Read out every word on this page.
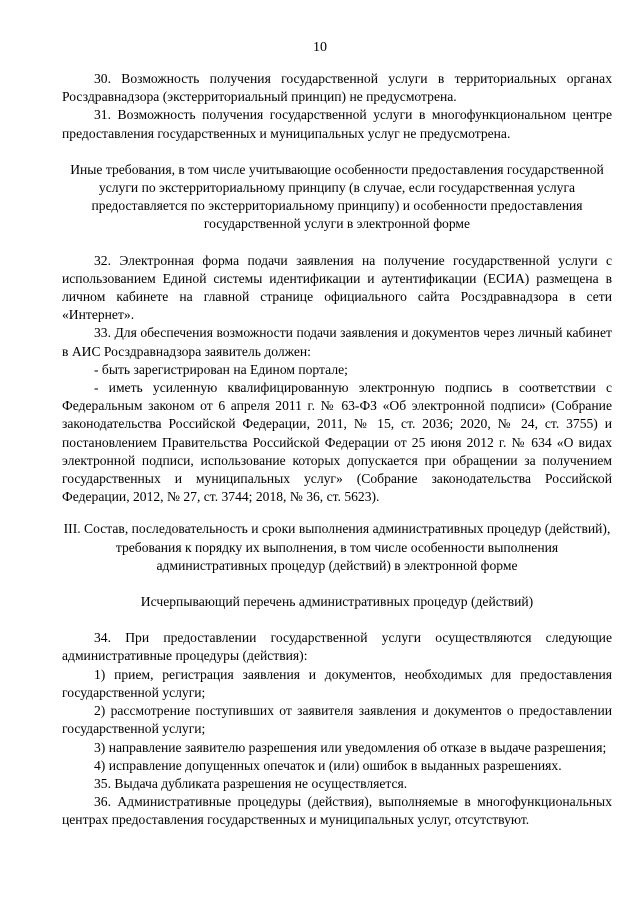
10

30. Возможность получения государственной услуги в территориальных органах Росздравнадзора (экстерриториальный принцип) не предусмотрена.

31. Возможность получения государственной услуги в многофункциональном центре предоставления государственных и муниципальных услуг не предусмотрена.

Иные требования, в том числе учитывающие особенности предоставления государственной услуги по экстерриториальному принципу (в случае, если государственная услуга предоставляется по экстерриториальному принципу) и особенности предоставления государственной услуги в электронной форме

32. Электронная форма подачи заявления на получение государственной услуги с использованием Единой системы идентификации и аутентификации (ЕСИА) размещена в личном кабинете на главной странице официального сайта Росздравнадзора в сети «Интернет».

33. Для обеспечения возможности подачи заявления и документов через личный кабинет в АИС Росздравнадзора заявитель должен:

- быть зарегистрирован на Едином портале;

- иметь усиленную квалифицированную электронную подпись в соответствии с Федеральным законом от 6 апреля 2011 г. № 63-ФЗ «Об электронной подписи» (Собрание законодательства Российской Федерации, 2011, № 15, ст. 2036; 2020, № 24, ст. 3755) и постановлением Правительства Российской Федерации от 25 июня 2012 г. № 634 «О видах электронной подписи, использование которых допускается при обращении за получением государственных и муниципальных услуг» (Собрание законодательства Российской Федерации, 2012, № 27, ст. 3744; 2018, № 36, ст. 5623).

III. Состав, последовательность и сроки выполнения административных процедур (действий), требования к порядку их выполнения, в том числе особенности выполнения административных процедур (действий) в электронной форме

Исчерпывающий перечень административных процедур (действий)

34. При предоставлении государственной услуги осуществляются следующие административные процедуры (действия):

1) прием, регистрация заявления и документов, необходимых для предоставления государственной услуги;

2) рассмотрение поступивших от заявителя заявления и документов о предоставлении государственной услуги;

3) направление заявителю разрешения или уведомления об отказе в выдаче разрешения;

4) исправление допущенных опечаток и (или) ошибок в выданных разрешениях.

35. Выдача дубликата разрешения не осуществляется.

36. Административные процедуры (действия), выполняемые в многофункциональных центрах предоставления государственных и муниципальных услуг, отсутствуют.
